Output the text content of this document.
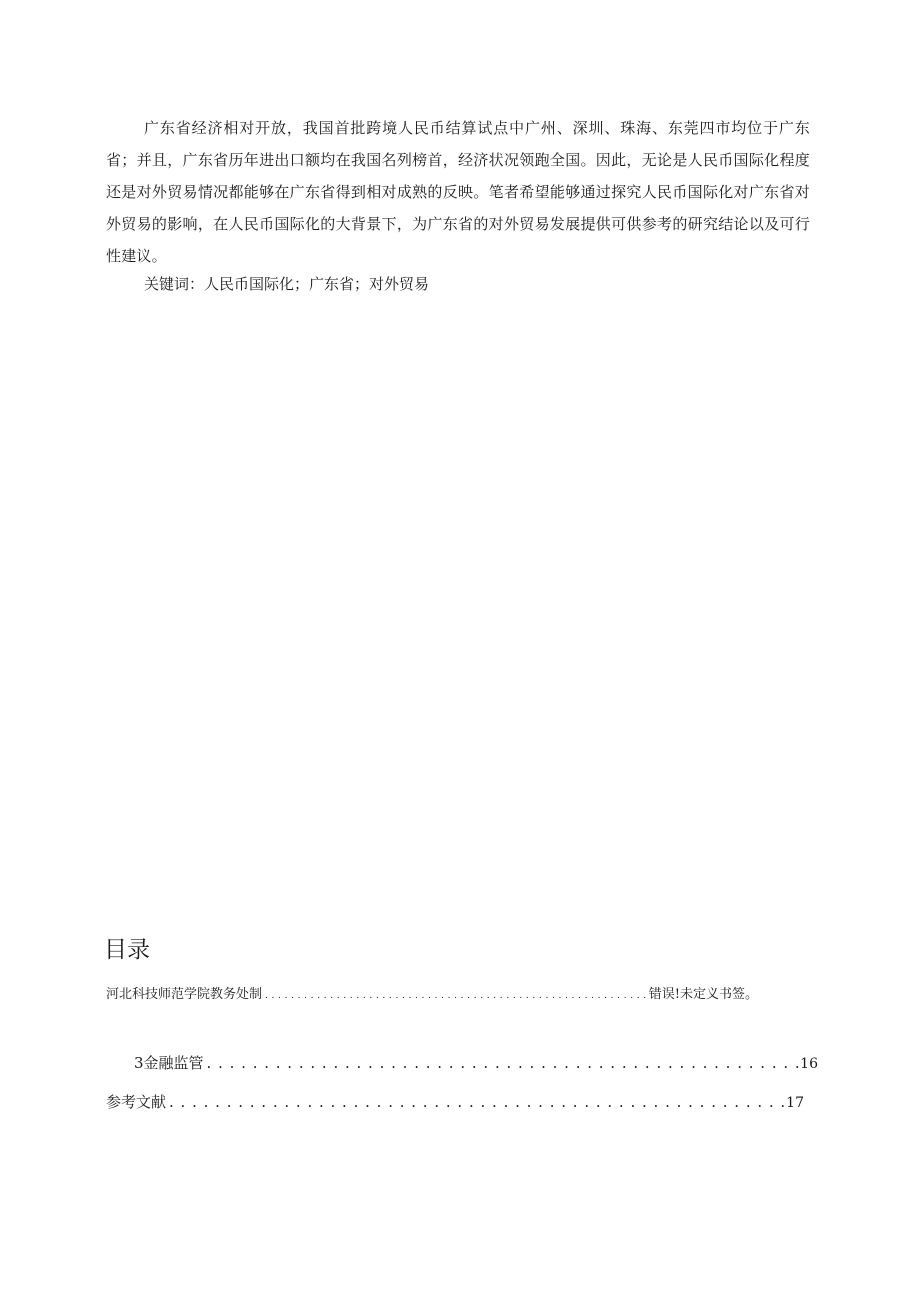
广东省经济相对开放，我国首批跨境人民币结算试点中广州、深圳、珠海、东莞四市均位于广东省；并且，广东省历年进出口额均在我国名列榜首，经济状况领跑全国。因此，无论是人民币国际化程度还是对外贸易情况都能够在广东省得到相对成熟的反映。笔者希望能够通过探究人民币国际化对广东省对外贸易的影响，在人民币国际化的大背景下，为广东省的对外贸易发展提供可供参考的研究结论以及可行性建议。

关键词：人民币国际化；广东省；对外贸易

目录
河北科技师范学院教务处制 . . .	错误!未定义书签。
3金融监管 . . .	16
参考文献 . . .	17
